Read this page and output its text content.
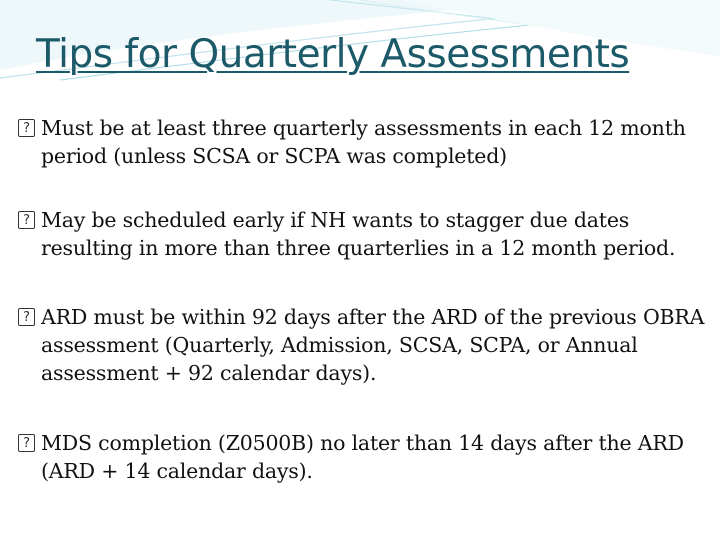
Tips for Quarterly Assessments
?
Must be at least three quarterly assessments in each 12 month period (unless SCSA or SCPA was completed)
?
May be scheduled early if NH wants to stagger due dates resulting in more than three quarterlies in a 12 month period.
?
ARD must be within 92 days after the ARD of the previous OBRA assessment (Quarterly, Admission, SCSA, SCPA, or Annual assessment + 92 calendar days).
?
MDS completion (Z0500B) no later than 14 days after the ARD (ARD + 14 calendar days).
